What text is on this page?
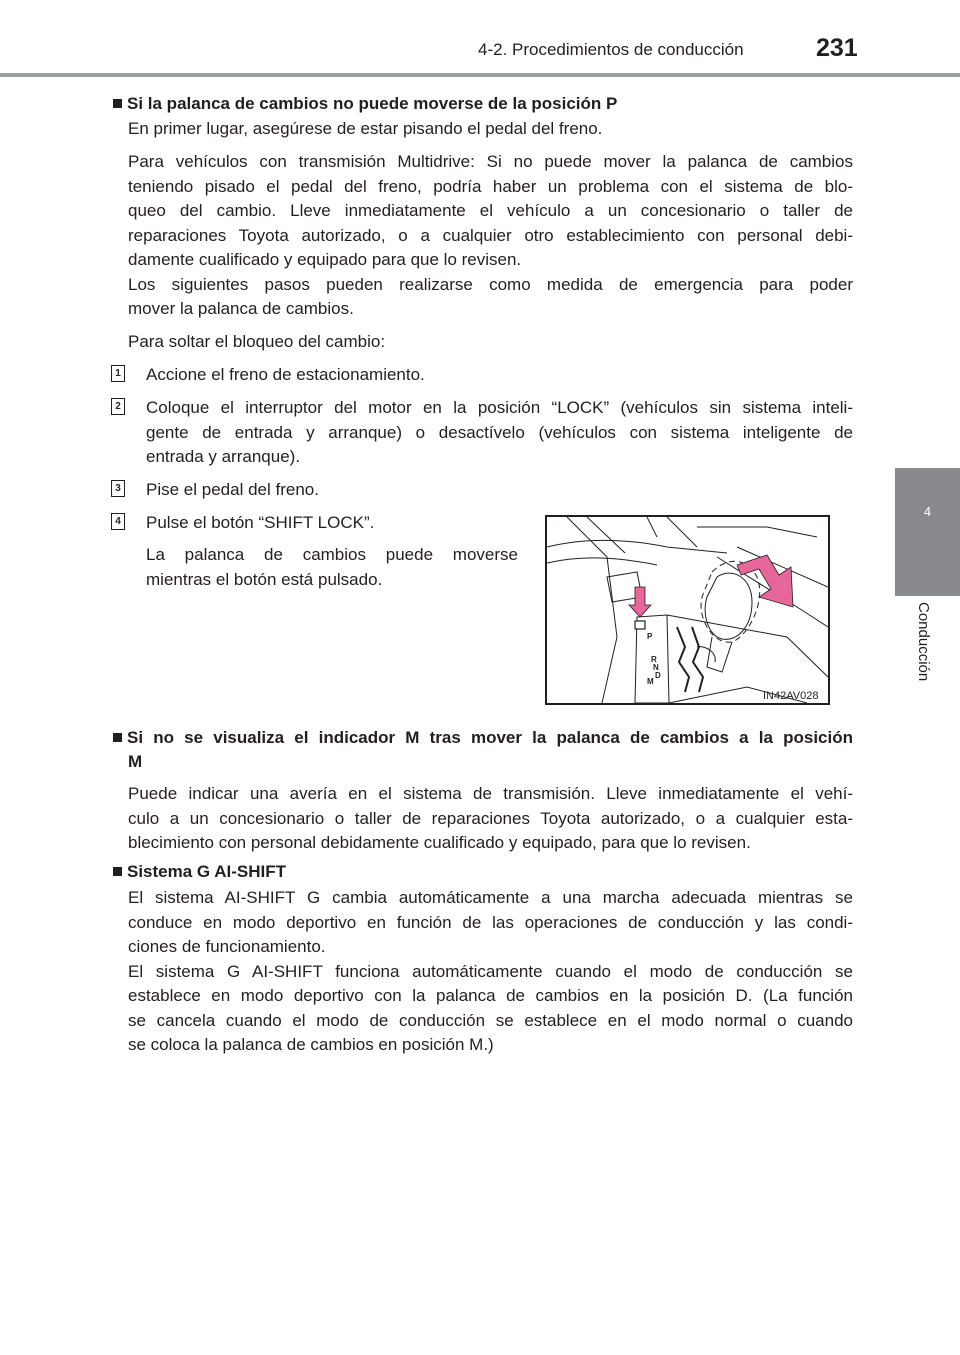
4-2. Procedimientos de conducción	231
4
Conducción
Si la palanca de cambios no puede moverse de la posición P
En primer lugar, asegúrese de estar pisando el pedal del freno.
Para vehículos con transmisión Multidrive: Si no puede mover la palanca de cambios
teniendo pisado el pedal del freno, podría haber un problema con el sistema de blo-
queo del cambio. Lleve inmediatamente el vehículo a un concesionario o taller de
reparaciones Toyota autorizado, o a cualquier otro establecimiento con personal debi-
damente cualificado y equipado para que lo revisen.
Los siguientes pasos pueden realizarse como medida de emergencia para poder
mover la palanca de cambios.
Para soltar el bloqueo del cambio:
1 Accione el freno de estacionamiento.
2 Coloque el interruptor del motor en la posición “LOCK” (vehículos sin sistema inteli-
gente de entrada y arranque) o desactívelo (vehículos con sistema inteligente de
entrada y arranque).
3 Pise el pedal del freno.
4 Pulse el botón “SHIFT LOCK”.
La palanca de cambios puede moverse
mientras el botón está pulsado.
P
R
N
D
M
IN42AV028
Si no se visualiza el indicador M tras mover la palanca de cambios a la posición
M
Puede indicar una avería en el sistema de transmisión. Lleve inmediatamente el vehí-
culo a un concesionario o taller de reparaciones Toyota autorizado, o a cualquier esta-
blecimiento con personal debidamente cualificado y equipado, para que lo revisen.
Sistema G AI-SHIFT
El sistema AI-SHIFT G cambia automáticamente a una marcha adecuada mientras se
conduce en modo deportivo en función de las operaciones de conducción y las condi-
ciones de funcionamiento.
El sistema G AI-SHIFT funciona automáticamente cuando el modo de conducción se
establece en modo deportivo con la palanca de cambios en la posición D. (La función
se cancela cuando el modo de conducción se establece en el modo normal o cuando
se coloca la palanca de cambios en posición M.)
